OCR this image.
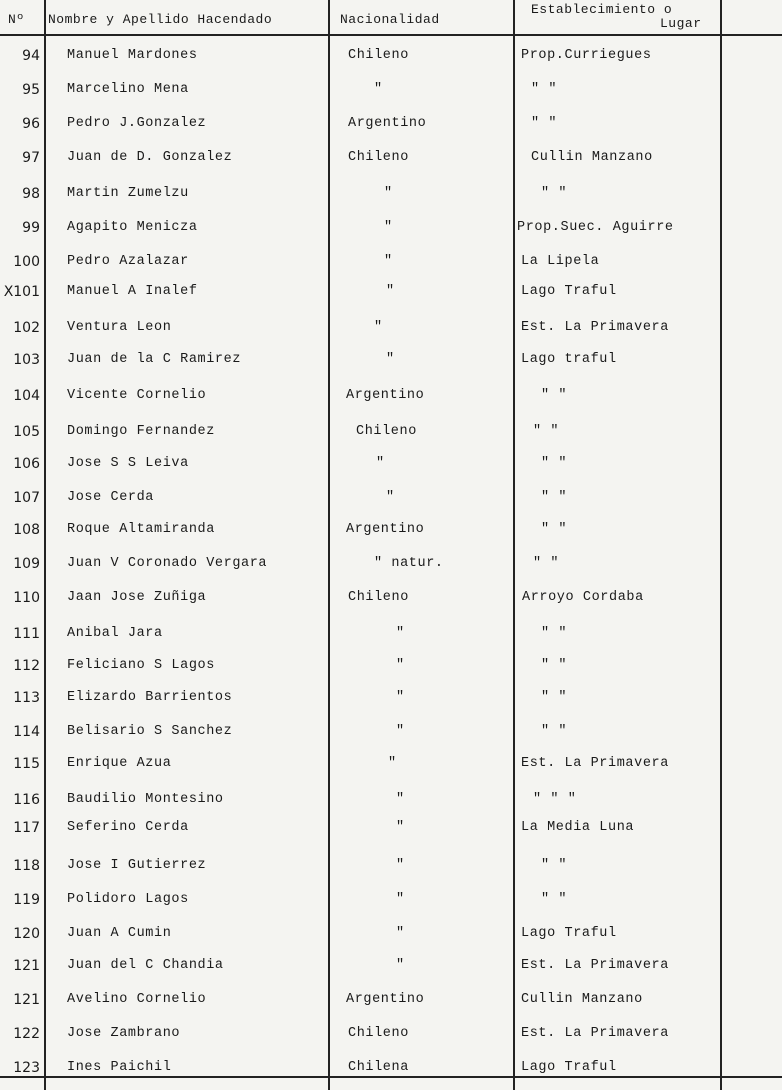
Nº Nombre y Apellido Hacendado	Nacionalidad
Establecimiento o
Lugar
94 Manuel Mardones	Chileno	Prop.Curriegues
95 Marcelino Mena	"	" "
96 Pedro J.Gonzalez	Argentino	" "
97 Juan de D. Gonzalez	Chileno	Cullin Manzano
98 Martin Zumelzu	"	" "
99 Agapito Menicza	"	Prop.Suec. Aguirre
100 Pedro Azalazar	"	La Lipela
X101 Manuel A Inalef	"	Lago Traful
102 Ventura Leon	"	Est. La Primavera
103 Juan de la C Ramirez	"	Lago traful
104 Vicente Cornelio	Argentino	" "
105 Domingo Fernandez	Chileno	" "
106 Jose S S Leiva	"	" "
107 Jose Cerda	"	" "
108 Roque Altamiranda	Argentino	" "
109 Juan V Coronado Vergara	" natur.	" "
110 Jaan Jose Zuñiga	Chileno	Arroyo Cordaba
111 Anibal Jara	"	" "
112 Feliciano S Lagos	"	" "
113 Elizardo Barrientos	"	" "
114 Belisario S Sanchez	"	" "
115 Enrique Azua	"	Est. La Primavera
116 Baudilio Montesino	"	" " "
117 Seferino Cerda	"	La Media Luna
118 Jose I Gutierrez	"	" "
119 Polidoro Lagos	"	" "
120 Juan A Cumin	"	Lago Traful
121 Juan del C Chandia	"	Est. La Primavera
121 Avelino Cornelio	Argentino	Cullin Manzano
122 Jose Zambrano	Chileno	Est. La Primavera
123 Ines Paichil	Chilena	Lago Traful
